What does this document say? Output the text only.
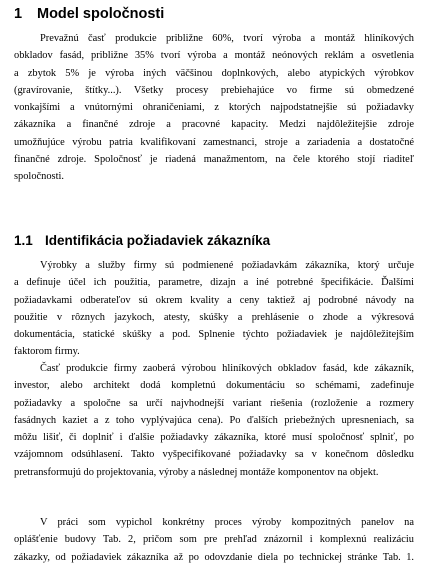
1 Model spoločnosti
Prevažnú časť produkcie približne 60%, tvorí výroba a montáž hliníkových
obkladov fasád, približne 35% tvorí výroba a montáž neónových reklám a osvetlenia
a zbytok 5% je výroba iných väčšinou doplnkových, alebo atypických výrobkov
(gravírovanie, štítky...). Všetky procesy prebiehajúce vo firme sú obmedzené
vonkajšími a vnútornými ohraničeniami, z ktorých najpodstatnejšie sú požiadavky
zákazníka a finančné zdroje a pracovné kapacity. Medzi najdôležitejšie zdroje
umožňujúce výrobu patria kvalifikovaní zamestnanci, stroje a zariadenia a dostatočné
finančné zdroje. Spoločnosť je riadená manažmentom, na čele ktorého stojí riaditeľ
spoločnosti.
1.1 Identifikácia požiadaviek zákazníka
Výrobky a služby firmy sú podmienené požiadavkám zákazníka, ktorý určuje
a definuje účel ich použitia, parametre, dizajn a iné potrebné špecifikácie. Ďalšími
požiadavkami odberateľov sú okrem kvality a ceny taktiež aj podrobné návody na
použitie v rôznych jazykoch, atesty, skúšky a prehlásenie o zhode a výkresová
dokumentácia, statické skúšky a pod. Splnenie týchto požiadaviek je najdôležitejším
faktorom firmy.
Časť produkcie firmy zaoberá výrobou hliníkových obkladov fasád, kde zákazník,
investor, alebo architekt dodá kompletnú dokumentáciu so schémami, zadefinuje
požiadavky a spoločne sa určí najvhodnejší variant riešenia (rozloženie a rozmery
fasádnych kaziet a z toho vyplývajúca cena). Po ďalších priebežných upresneniach, sa
môžu lišiť, či doplniť i ďalšie požiadavky zákazníka, ktoré musí spoločnosť splniť, po
vzájomnom odsúhlasení. Takto vyšpecifikované požiadavky sa v konečnom dôsledku
pretransformujú do projektovania, výroby a následnej montáže komponentov na objekt.
V práci som vypichol konkrétny proces výroby kompozitných panelov na
oplášťenie budovy Tab. 2, pričom som pre prehľad znázornil i komplexnú realizáciu
zákazky, od požiadaviek zákazníka až po odovzdanie diela po technickej stránke Tab. 1.
